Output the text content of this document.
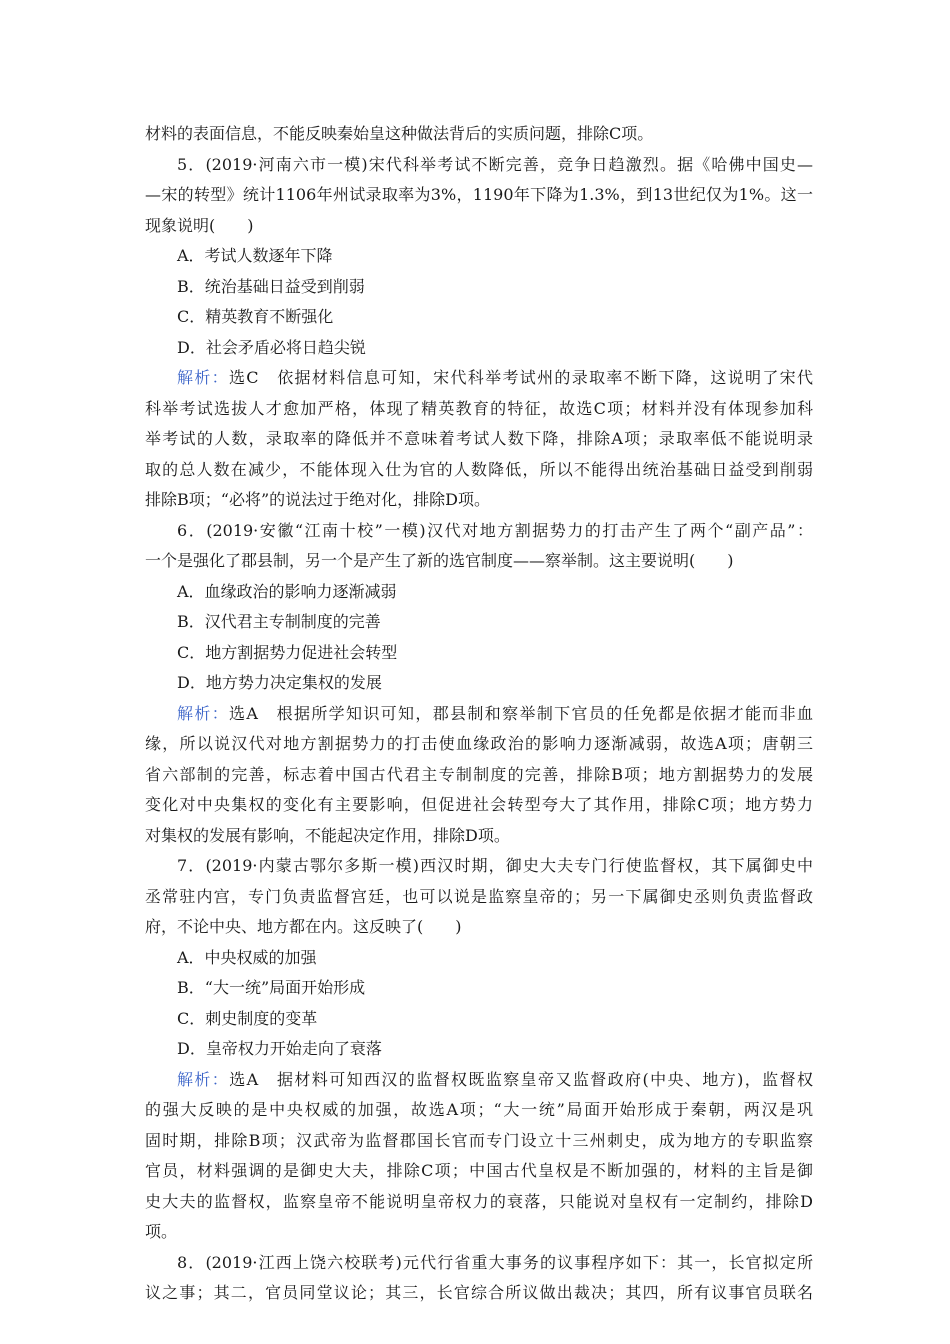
材料的表面信息，不能反映秦始皇这种做法背后的实质问题，排除C项。
5．(2019·河南六市一模)宋代科举考试不断完善，竞争日趋激烈。据《哈佛中国史—
—宋的转型》统计1106年州试录取率为3%，1190年下降为1.3%，到13世纪仅为1%。这一
现象说明(　　)
A．考试人数逐年下降
B．统治基础日益受到削弱
C．精英教育不断强化
D．社会矛盾必将日趋尖锐
解析：选C　依据材料信息可知，宋代科举考试州的录取率不断下降，这说明了宋代
科举考试选拔人才愈加严格，体现了精英教育的特征，故选C项；材料并没有体现参加科
举考试的人数，录取率的降低并不意味着考试人数下降，排除A项；录取率低不能说明录
取的总人数在减少，不能体现入仕为官的人数降低，所以不能得出统治基础日益受到削弱
排除B项；“必将”的说法过于绝对化，排除D项。
6．(2019·安徽“江南十校”一模)汉代对地方割据势力的打击产生了两个“副产品”：
一个是强化了郡县制，另一个是产生了新的选官制度——察举制。这主要说明(　　)
A．血缘政治的影响力逐渐减弱
B．汉代君主专制制度的完善
C．地方割据势力促进社会转型
D．地方势力决定集权的发展
解析：选A　根据所学知识可知，郡县制和察举制下官员的任免都是依据才能而非血
缘，所以说汉代对地方割据势力的打击使血缘政治的影响力逐渐减弱，故选A项；唐朝三
省六部制的完善，标志着中国古代君主专制制度的完善，排除B项；地方割据势力的发展
变化对中央集权的变化有主要影响，但促进社会转型夸大了其作用，排除C项；地方势力
对集权的发展有影响，不能起决定作用，排除D项。
7．(2019·内蒙古鄂尔多斯一模)西汉时期，御史大夫专门行使监督权，其下属御史中
丞常驻内宫，专门负责监督宫廷，也可以说是监察皇帝的；另一下属御史丞则负责监督政
府，不论中央、地方都在内。这反映了(　　)
A．中央权威的加强
B．“大一统”局面开始形成
C．刺史制度的变革
D．皇帝权力开始走向了衰落
解析：选A　据材料可知西汉的监督权既监察皇帝又监督政府(中央、地方)，监督权
的强大反映的是中央权威的加强，故选A项；“大一统”局面开始形成于秦朝，两汉是巩
固时期，排除B项；汉武帝为监督郡国长官而专门设立十三州刺史，成为地方的专职监察
官员，材料强调的是御史大夫，排除C项；中国古代皇权是不断加强的，材料的主旨是御
史大夫的监督权，监察皇帝不能说明皇帝权力的衰落，只能说对皇权有一定制约，排除D
项。
8．(2019·江西上饶六校联考)元代行省重大事务的议事程序如下：其一，长官拟定所
议之事；其二，官员同堂议论；其三，长官综合所议做出裁决；其四，所有议事官员联名
